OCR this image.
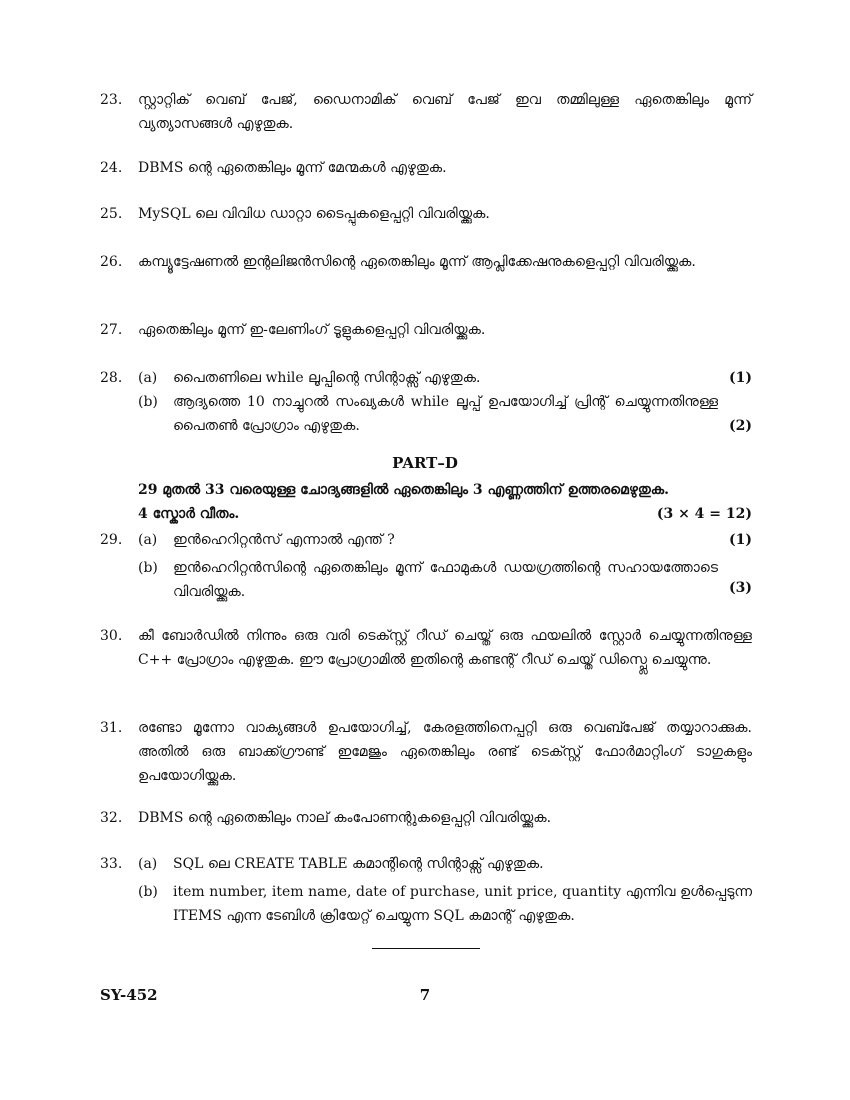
23.	സ്റ്റാറ്റിക് വെബ് പേജ്, ഡൈനാമിക് വെബ് പേജ് ഇവ തമ്മിലുള്ള ഏതെങ്കിലും മൂന്ന് വ്യത്യാസങ്ങൾ എഴുതുക.
24.	DBMS ന്റെ ഏതെങ്കിലും മൂന്ന് മേന്മകൾ എഴുതുക.
25.	MySQL ലെ വിവിധ ഡാറ്റാ ടൈപ്പുകളെപ്പറ്റി വിവരിയ്ക്കുക.
26.	കമ്പ്യൂട്ടേഷണൽ ഇന്റലിജൻസിന്റെ ഏതെങ്കിലും മൂന്ന് ആപ്ലിക്കേഷനുകളെപ്പറ്റി വിവരിയ്ക്കുക.
27.	ഏതെങ്കിലും മൂന്ന് ഇ-ലേണിംഗ് ടൂളുകളെപ്പറ്റി വിവരിയ്ക്കുക.
28.	(a)	പൈതണിലെ while ലൂപ്പിന്റെ സിന്റാക്സ് എഴുതുക.	(1)
(b)	ആദ്യത്തെ 10 നാച്ചുറൽ സംഖ്യകൾ while ലൂപ്പ് ഉപയോഗിച്ച് പ്രിന്റ് ചെയ്യുന്നതിനുള്ള പൈതൺ പ്രോഗ്രാം എഴുതുക.	(2)
PART–D
29 മുതൽ 33 വരെയുള്ള ചോദ്യങ്ങളിൽ ഏതെങ്കിലും 3 എണ്ണത്തിന് ഉത്തരമെഴുതുക.
4 സ്കോർ വീതം.	(3 × 4 = 12)
29.	(a)	ഇൻഹെറിറ്റൻസ് എന്നാൽ എന്ത് ?	(1)
(b)	ഇൻഹെറിറ്റൻസിന്റെ ഏതെങ്കിലും മൂന്ന് ഫോമുകൾ ഡയഗ്രത്തിന്റെ സഹായത്തോടെ വിവരിയ്ക്കുക.	(3)
30.	കീ ബോർഡിൽ നിന്നും ഒരു വരി ടെക്സ്റ്റ് റീഡ് ചെയ്ത് ഒരു ഫയലിൽ സ്റ്റോർ ചെയ്യുന്നതിനുള്ള C++ പ്രോഗ്രാം എഴുതുക. ഈ പ്രോഗ്രാമിൽ ഇതിന്റെ കണ്ടന്റ് റീഡ് ചെയ്ത് ഡിസ്പ്ലെ ചെയ്യുന്നു.
31.	രണ്ടോ മൂന്നോ വാക്യങ്ങൾ ഉപയോഗിച്ച്, കേരളത്തിനെപ്പറ്റി ഒരു വെബ്പേജ് തയ്യാറാക്കുക. അതിൽ ഒരു ബാക്ക്ഗ്രൗണ്ട് ഇമേജും ഏതെങ്കിലും രണ്ട് ടെക്സ്റ്റ് ഫോർമാറ്റിംഗ് ടാഗുകളും ഉപയോഗിയ്ക്കുക.
32.	DBMS ന്റെ ഏതെങ്കിലും നാല് കംപോണന്റുകളെപ്പറ്റി വിവരിയ്ക്കുക.
33.	(a)	SQL ലെ CREATE TABLE കമാന്റിന്റെ സിന്റാക്സ് എഴുതുക.
(b)	item number, item name, date of purchase, unit price, quantity എന്നിവ ഉൾപ്പെടുന്ന ITEMS എന്ന ടേബിൾ ക്രിയേറ്റ് ചെയ്യുന്ന SQL കമാന്റ് എഴുതുക.
SY-452	7
